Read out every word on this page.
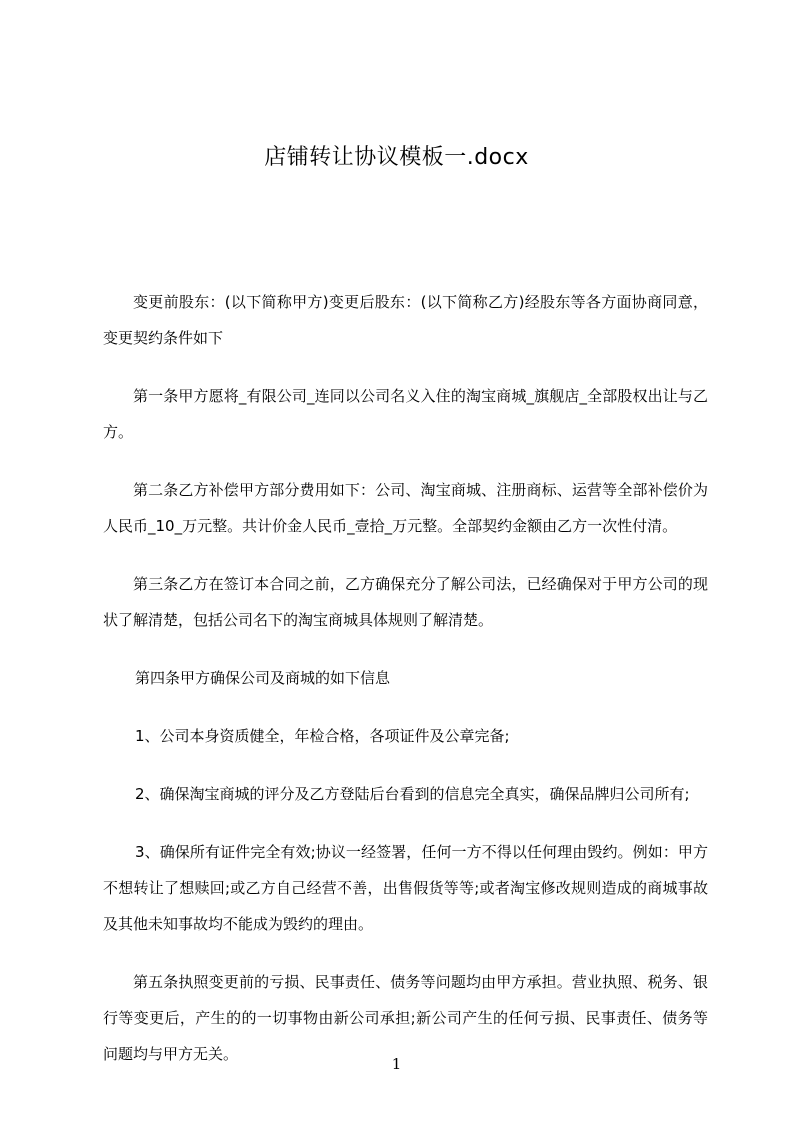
店铺转让协议模板一.docx

变更前股东：(以下简称甲方)变更后股东：(以下简称乙方)经股东等各方面协商同意，变更契约条件如下

第一条甲方愿将_有限公司_连同以公司名义入住的淘宝商城_旗舰店_全部股权出让与乙方。

第二条乙方补偿甲方部分费用如下：公司、淘宝商城、注册商标、运营等全部补偿价为人民币_10_万元整。共计价金人民币_壹拾_万元整。全部契约金额由乙方一次性付清。

第三条乙方在签订本合同之前，乙方确保充分了解公司法，已经确保对于甲方公司的现状了解清楚，包括公司名下的淘宝商城具体规则了解清楚。

第四条甲方确保公司及商城的如下信息

1、公司本身资质健全，年检合格，各项证件及公章完备;

2、确保淘宝商城的评分及乙方登陆后台看到的信息完全真实，确保品牌归公司所有;

3、确保所有证件完全有效;协议一经签署，任何一方不得以任何理由毁约。例如：甲方不想转让了想赎回;或乙方自己经营不善，出售假货等等;或者淘宝修改规则造成的商城事故及其他未知事故均不能成为毁约的理由。

第五条执照变更前的亏损、民事责任、债务等问题均由甲方承担。营业执照、税务、银行等变更后，产生的的一切事物由新公司承担;新公司产生的任何亏损、民事责任、债务等问题均与甲方无关。

1
